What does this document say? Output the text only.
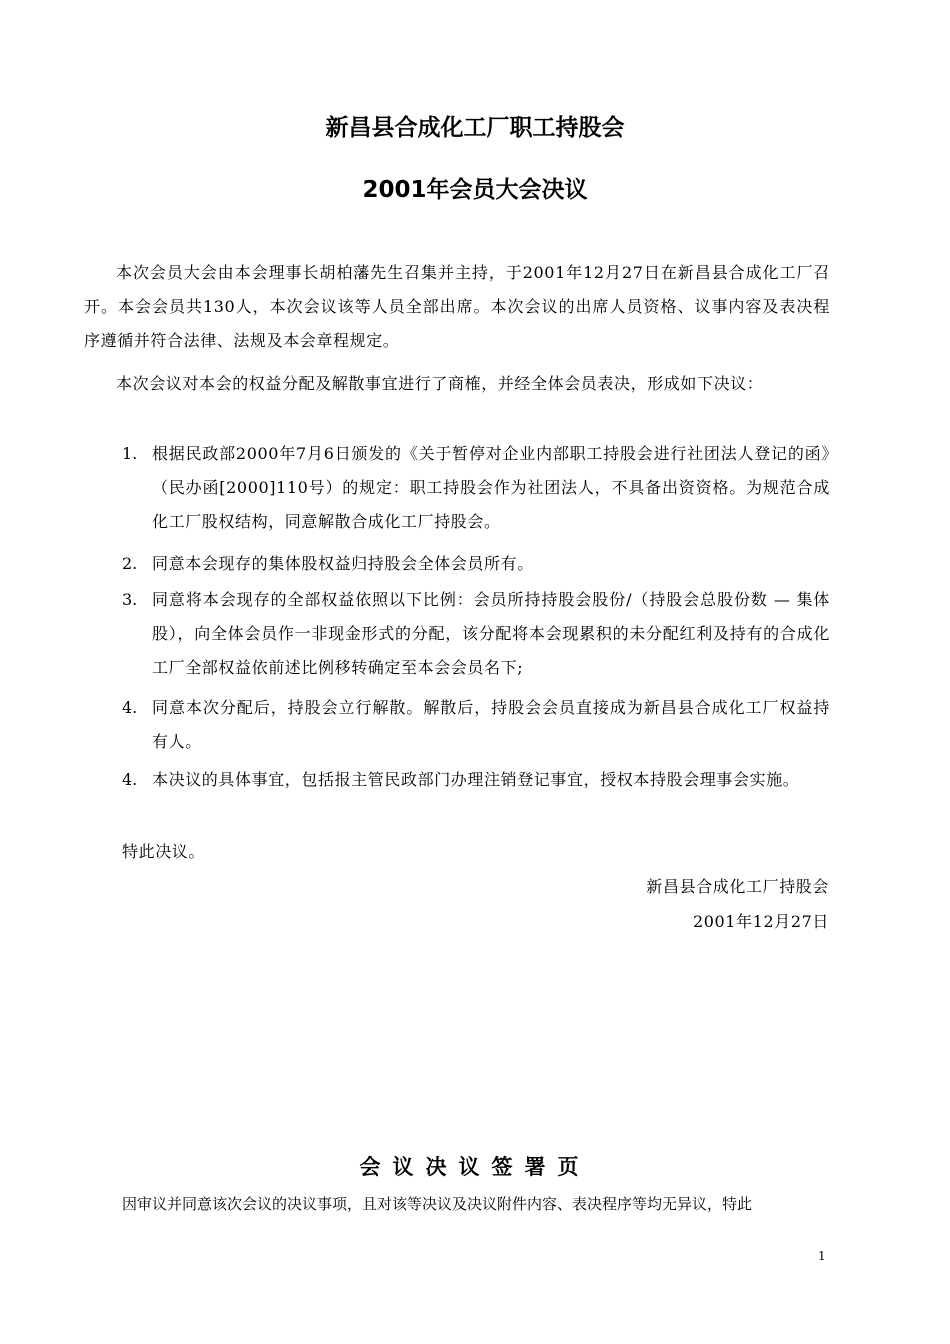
新昌县合成化工厂职工持股会
2001年会员大会决议
本次会员大会由本会理事长胡柏藩先生召集并主持，于2001年12月27日在新昌县合成化工厂召开。本会会员共130人，本次会议该等人员全部出席。本次会议的出席人员资格、议事内容及表决程序遵循并符合法律、法规及本会章程规定。
本次会议对本会的权益分配及解散事宜进行了商榷，并经全体会员表决，形成如下决议：
1. 根据民政部2000年7月6日颁发的《关于暂停对企业内部职工持股会进行社团法人登记的函》（民办函[2000]110号）的规定：职工持股会作为社团法人，不具备出资资格。为规范合成化工厂股权结构，同意解散合成化工厂持股会。
2. 同意本会现存的集体股权益归持股会全体会员所有。
3. 同意将本会现存的全部权益依照以下比例：会员所持持股会股份/（持股会总股份数 — 集体股），向全体会员作一非现金形式的分配，该分配将本会现累积的未分配红利及持有的合成化工厂全部权益依前述比例移转确定至本会会员名下;
4. 同意本次分配后，持股会立行解散。解散后，持股会会员直接成为新昌县合成化工厂权益持有人。
4. 本决议的具体事宜，包括报主管民政部门办理注销登记事宜，授权本持股会理事会实施。
特此决议。
新昌县合成化工厂持股会
2001年12月27日
会议决议签署页
因审议并同意该次会议的决议事项，且对该等决议及决议附件内容、表决程序等均无异议，特此
1
